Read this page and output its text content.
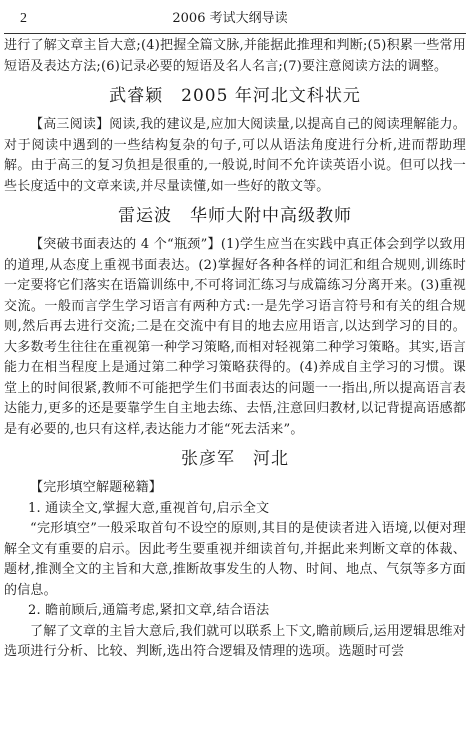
2	2006 考试大纲导读

进行了解文章主旨大意;(4)把握全篇文脉,并能据此推理和判断;(5)积累一些常用短语及表达方法;(6)记录必要的短语及名人名言;(7)要注意阅读方法的调整。

武睿颖　2005 年河北文科状元

【高三阅读】阅读,我的建议是,应加大阅读量,以提高自己的阅读理解能力。对于阅读中遇到的一些结构复杂的句子,可以从语法角度进行分析,进而帮助理解。由于高三的复习负担是很重的,一般说,时间不允许读英语小说。但可以找一些长度适中的文章来读,并尽量读懂,如一些好的散文等。

雷运波　华师大附中高级教师

【突破书面表达的 4 个“瓶颈”】(1)学生应当在实践中真正体会到学以致用的道理,从态度上重视书面表达。(2)掌握好各种各样的词汇和组合规则,训练时一定要将它们落实在语篇训练中,不可将词汇练习与成篇练习分离开来。(3)重视交流。一般而言学生学习语言有两种方式:一是先学习语言符号和有关的组合规则,然后再去进行交流;二是在交流中有目的地去应用语言,以达到学习的目的。大多数考生往往在重视第一种学习策略,而相对轻视第二种学习策略。其实,语言能力在相当程度上是通过第二种学习策略获得的。(4)养成自主学习的习惯。课堂上的时间很紧,教师不可能把学生们书面表达的问题一一指出,所以提高语言表达能力,更多的还是要靠学生自主地去练、去悟,注意回归教材,以记背提高语感都是有必要的,也只有这样,表达能力才能“死去活来”。

张彦军　河北

【完形填空解题秘籍】

1. 通读全文,掌握大意,重视首句,启示全文

“完形填空”一般采取首句不设空的原则,其目的是使读者进入语境,以便对理解全文有重要的启示。因此考生要重视并细读首句,并据此来判断文章的体裁、题材,推测全文的主旨和大意,推断故事发生的人物、时间、地点、气氛等多方面的信息。

2. 瞻前顾后,通篇考虑,紧扣文章,结合语法

了解了文章的主旨大意后,我们就可以联系上下文,瞻前顾后,运用逻辑思维对选项进行分析、比较、判断,选出符合逻辑及情理的选项。选题时可尝
